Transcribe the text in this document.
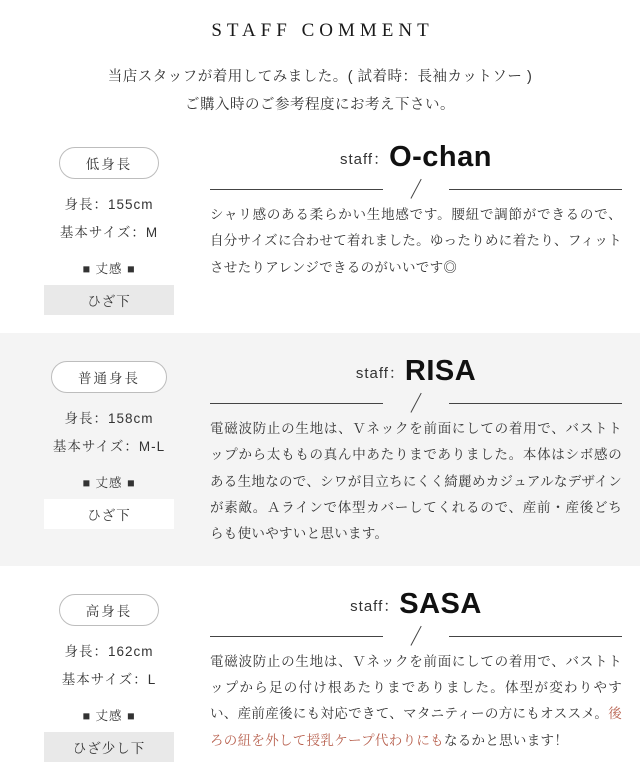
STAFF COMMENT
当店スタッフが着用してみました。( 試着時：長袖カットソー )
ご購入時のご参考程度にお考え下さい。
低身長
身長：155cm
基本サイズ：M
■ 丈感 ■
ひざ下
staff：O-chan
シャリ感のある柔らかい生地感です。腰紐で調節ができるので、自分サイズに合わせて着れました。ゆったりめに着たり、フィットさせたりアレンジできるのがいいです◎
普通身長
身長：158cm
基本サイズ：M-L
■ 丈感 ■
ひざ下
staff：RISA
電磁波防止の生地は、Ｖネックを前面にしての着用で、バストトップから太ももの真ん中あたりまでありました。本体はシボ感のある生地なので、シワが目立ちにくく綺麗めカジュアルなデザインが素敵。Ａラインで体型カバーしてくれるので、産前・産後どちらも使いやすいと思います。
高身長
身長：162cm
基本サイズ：L
■ 丈感 ■
ひざ少し下
staff：SASA
電磁波防止の生地は、Ｖネックを前面にしての着用で、バストトップから足の付け根あたりまでありました。体型が変わりやすい、産前産後にも対応できて、マタニティーの方にもオススメ。後ろの紐を外して授乳ケープ代わりにもなるかと思います！
